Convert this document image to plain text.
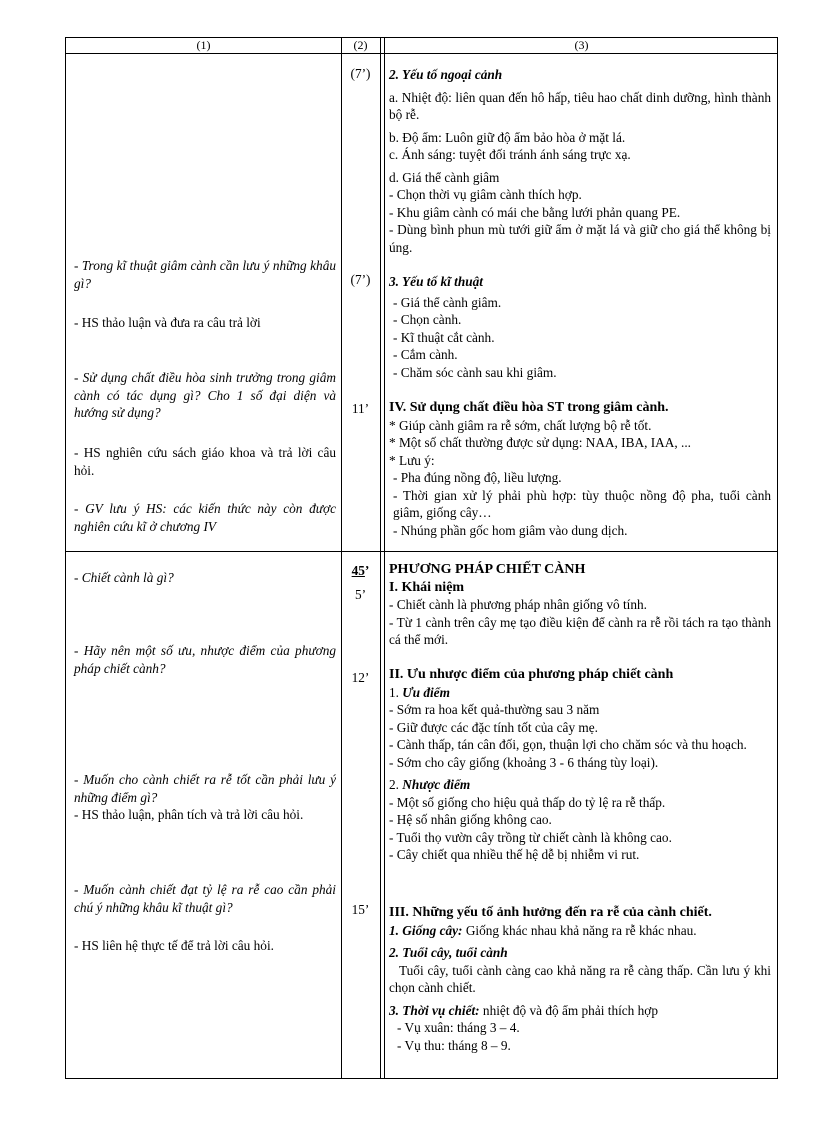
(1)	(2)	(3)
- Trong kĩ thuật giâm cành cần lưu ý những khâu gì?
- HS thảo luận và đưa ra câu trả lời
- Sử dụng chất điều hòa sinh trưởng trong giâm cành có tác dụng gì? Cho 1 số đại diện và hướng sử dụng?
- HS nghiên cứu sách giáo khoa và trả lời câu hỏi.
- GV lưu ý HS: các kiến thức này còn được nghiên cứu kĩ ở chương IV
(7’)
(7’)
11’

2. Yếu tố ngoại cảnh

a. Nhiệt độ: liên quan đến hô hấp, tiêu hao chất dinh dưỡng, hình thành bộ rễ.

b. Độ ẩm: Luôn giữ độ ẩm bảo hòa ở mặt lá.

c. Ánh sáng: tuyệt đối tránh ánh sáng trực xạ.

d. Giá thể cành giâm

- Chọn thời vụ giâm cành thích hợp.

- Khu giâm cành có mái che bằng lưới phản quang PE.

- Dùng bình phun mù tưới giữ ẩm ở mặt lá và giữ cho giá thể không bị úng.

3. Yếu tố kĩ thuật

- Giá thể cành giâm.

- Chọn cành.

- Kĩ thuật cắt cành.

- Cắm cành.

- Chăm sóc cành sau khi giâm.

IV. Sử dụng chất điều hòa ST trong giâm cành.

* Giúp cành giâm ra rễ sớm, chất lượng bộ rễ tốt.

* Một số chất thường được sử dụng: NAA, IBA, IAA, ...

* Lưu ý:

- Pha đúng nồng độ, liều lượng.

- Thời gian xử lý phải phù hợp: tùy thuộc nồng độ pha, tuổi cành giâm, giống cây…

- Nhúng phần gốc hom giâm vào dung dịch.

- Chiết cành là gì?
- Hãy nên một số ưu, nhược điểm của phương pháp chiết cành?

- Muốn cho cành chiết ra rễ tốt cần phải lưu ý những điểm gì?

- HS thảo luận, phân tích và trả lời câu hỏi.

- Muốn cành chiết đạt tỷ lệ ra rễ cao cần phải chú ý những khâu kĩ thuật gì?
- HS liên hệ thực tế để trả lời câu hỏi.
45’
5’
12’
15’

PHƯƠNG PHÁP CHIẾT CÀNH

I. Khái niệm

- Chiết cành là phương pháp nhân giống vô tính.

- Từ 1 cành trên cây mẹ tạo điều kiện để cành ra rễ rồi tách ra tạo thành cá thể mới.

II. Ưu nhược điểm của phương pháp chiết cành

1. Ưu điểm

- Sớm ra hoa kết quả-thường sau 3 năm

- Giữ được các đặc tính tốt của cây mẹ.

- Cành thấp, tán cân đối, gọn, thuận lợi cho chăm sóc và thu hoạch.

- Sớm cho cây giống (khoảng 3 - 6 tháng tùy loại).

2. Nhược điểm

- Một số giống cho hiệu quả thấp do tỷ lệ ra rễ thấp.

- Hệ số nhân giống không cao.

- Tuổi thọ vườn cây trồng từ chiết cành là không cao.

- Cây chiết qua nhiều thế hệ dễ bị nhiễm vi rut.

III. Những yếu tố ảnh hưởng đến ra rễ của cành chiết.

1. Giống cây: Giống khác nhau khả năng ra rễ khác nhau.

2. Tuổi cây, tuổi cành

Tuổi cây, tuổi cành càng cao khả năng ra rễ càng thấp. Cần lưu ý khi chọn cành chiết.

3. Thời vụ chiết: nhiệt độ và độ ẩm phải thích hợp

- Vụ xuân: tháng 3 – 4.

- Vụ thu: tháng 8 – 9.
